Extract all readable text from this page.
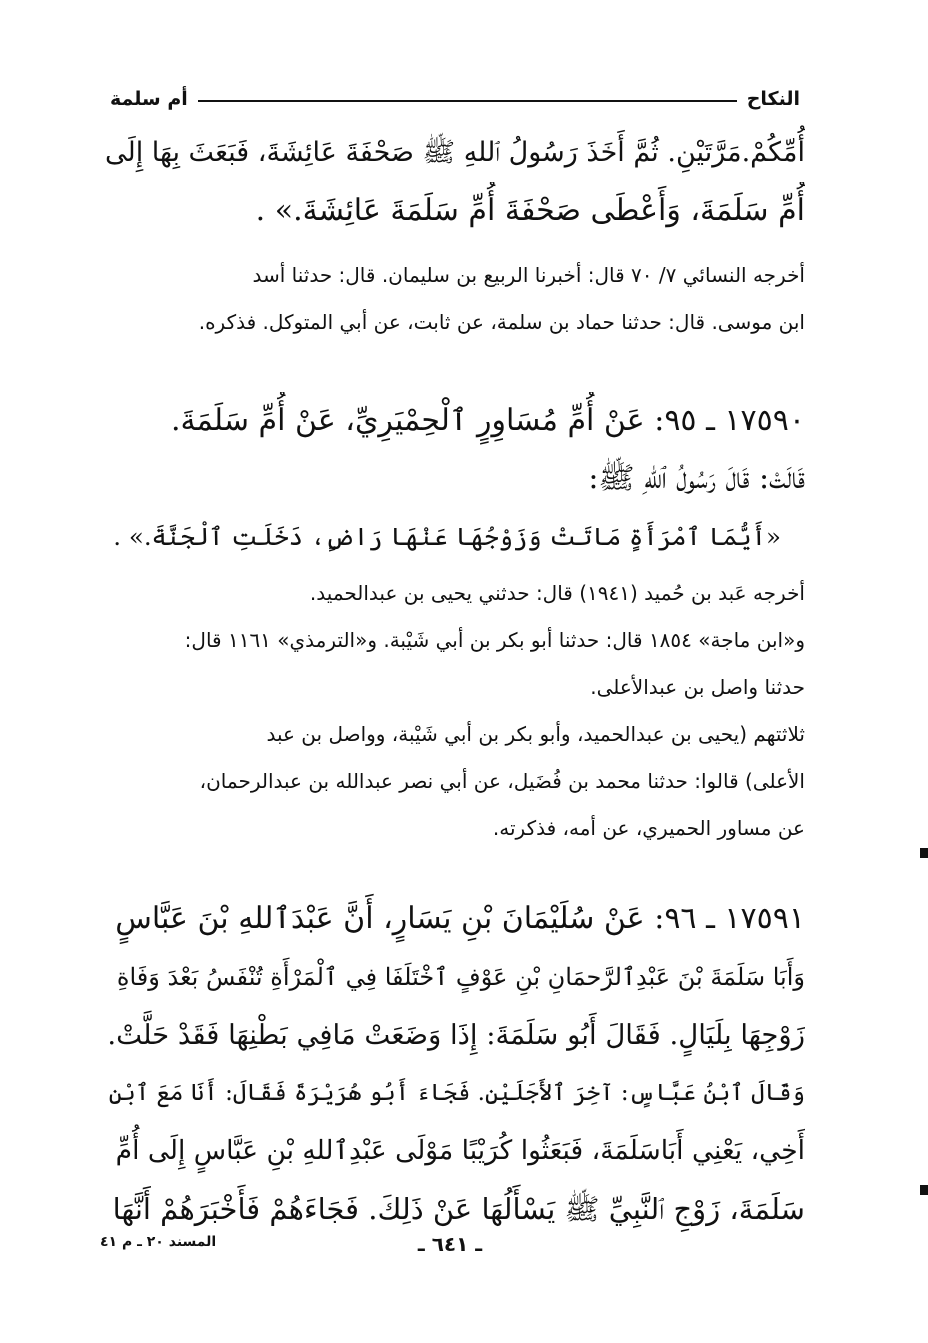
النكاح
أم سلمة
أُمِّكُمْ.مَرَّتَيْنِ. ثُمَّ أَخَذَ رَسُولُ ٱللهِ ﷺ صَحْفَةَ عَائِشَةَ، فَبَعَثَ بِهَا إِلَى
أُمِّ سَلَمَةَ، وَأَعْطَى صَحْفَةَ أُمِّ سَلَمَةَ عَائِشَةَ.» .
أخرجه النسائي ٧/ ٧٠ قال: أخبرنا الربيع بن سليمان. قال: حدثنا أسد
ابن موسى. قال: حدثنا حماد بن سلمة، عن ثابت، عن أبي المتوكل. فذكره.
١٧٥٩٠ ـ ٩٥: عَنْ أُمِّ مُسَاوِرٍ ٱلْحِمْيَرِيِّ، عَنْ أُمِّ سَلَمَةَ.
قَالَتْ: قَالَ رَسُولُ ٱللهِ ﷺ:
«أَيُّمَا ٱمْرَأَةٍ مَاتَتْ وَزَوْجُهَا عَنْهَا رَاضٍ، دَخَلَتِ ٱلْجَنَّةَ.» .
أخرجه عَبد بن حُميد (١٩٤١) قال: حدثني يحيى بن عبدالحميد.
و«ابن ماجة» ١٨٥٤ قال: حدثنا أبو بكر بن أبي شَيْبة. و«الترمذي» ١١٦١ قال:
حدثنا واصل بن عبدالأعلى.
ثلاثتهم (يحيى بن عبدالحميد، وأبو بكر بن أبي شَيْبة، وواصل بن عبد
الأعلى) قالوا: حدثنا محمد بن فُضَيل، عن أبي نصر عبدالله بن عبدالرحمان،
عن مساور الحميري، عن أمه، فذكرته.
١٧٥٩١ ـ ٩٦: عَنْ سُلَيْمَانَ بْنِ يَسَارٍ، أَنَّ عَبْدَٱللهِ بْنَ عَبَّاسٍ
وَأَبَا سَلَمَةَ بْنَ عَبْدِٱلرَّحمَانِ بْنِ عَوْفٍ ٱخْتَلَفَا فِي ٱلْمَرْأَةِ تُنْفَسُ بَعْدَ وَفَاةِ
زَوْجِهَا بِلَيَالٍ. فَقَالَ أَبُو سَلَمَةَ: إِذَا وَضَعَتْ مَافِي بَطْنِهَا فَقَدْ حَلَّتْ.
وَقَالَ ٱبْنُ عَبَّاسٍ: آخِرَ ٱلأَجَلَيْنِ. فَجَاءَ أَبُو هُرَيْرَةَ فَقَالَ: أَنَا مَعَ ٱبْنِ
أَخِي، يَعْنِي أَبَاسَلَمَةَ، فَبَعَثُوا كُرَيْبًا مَوْلَى عَبْدِٱللهِ بْنِ عَبَّاسٍ إِلَى أُمِّ
سَلَمَةَ، زَوْجِ ٱلنَّبِيِّ ﷺ يَسْأَلُهَا عَنْ ذَلِكَ. فَجَاءَهُمْ فَأَخْبَرَهُمْ أَنَّهَا
ـ ٦٤١ ـ
المسند ٢٠ ـ م ٤١
